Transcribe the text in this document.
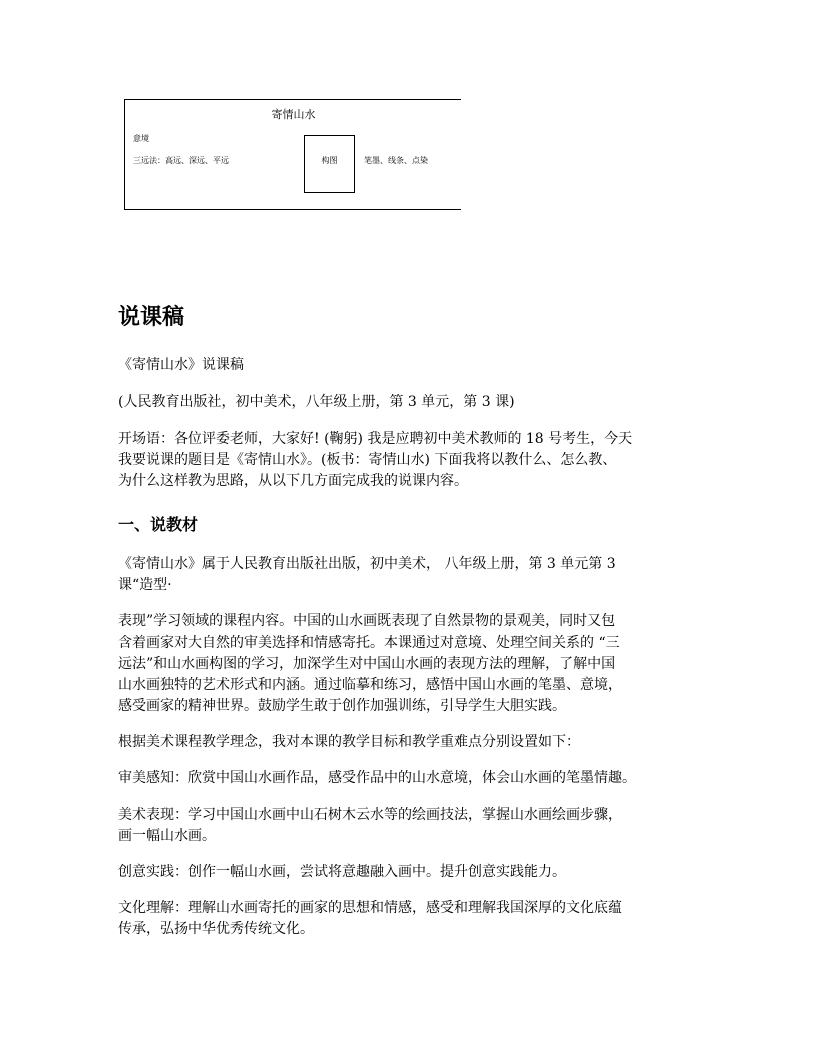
寄情山水
意境
三远法：高远、深远、平远	构图	笔墨、线条、点染
说课稿
《寄情山水》说课稿
(人民教育出版社，初中美术，八年级上册，第 3 单元，第 3 课)
开场语：各位评委老师，大家好! (鞠躬) 我是应聘初中美术教师的 18 号考生，今天
我要说课的题目是《寄情山水》。(板书：寄情山水) 下面我将以教什么、怎么教、
为什么这样教为思路，从以下几方面完成我的说课内容。
一、说教材
《寄情山水》属于人民教育出版社出版，初中美术， 八年级上册，第 3 单元第 3
课“造型·
表现”学习领域的课程内容。中国的山水画既表现了自然景物的景观美，同时又包
含着画家对大自然的审美选择和情感寄托。本课通过对意境、处理空间关系的 “三
远法”和山水画构图的学习，加深学生对中国山水画的表现方法的理解，了解中国
山水画独特的艺术形式和内涵。通过临摹和练习，感悟中国山水画的笔墨、意境，
感受画家的精神世界。鼓励学生敢于创作加强训练，引导学生大胆实践。
根据美术课程教学理念，我对本课的教学目标和教学重难点分别设置如下：
审美感知：欣赏中国山水画作品，感受作品中的山水意境，体会山水画的笔墨情趣。
美术表现：学习中国山水画中山石树木云水等的绘画技法，掌握山水画绘画步骤，
画一幅山水画。
创意实践：创作一幅山水画，尝试将意趣融入画中。提升创意实践能力。
文化理解：理解山水画寄托的画家的思想和情感，感受和理解我国深厚的文化底蕴
传承，弘扬中华优秀传统文化。
